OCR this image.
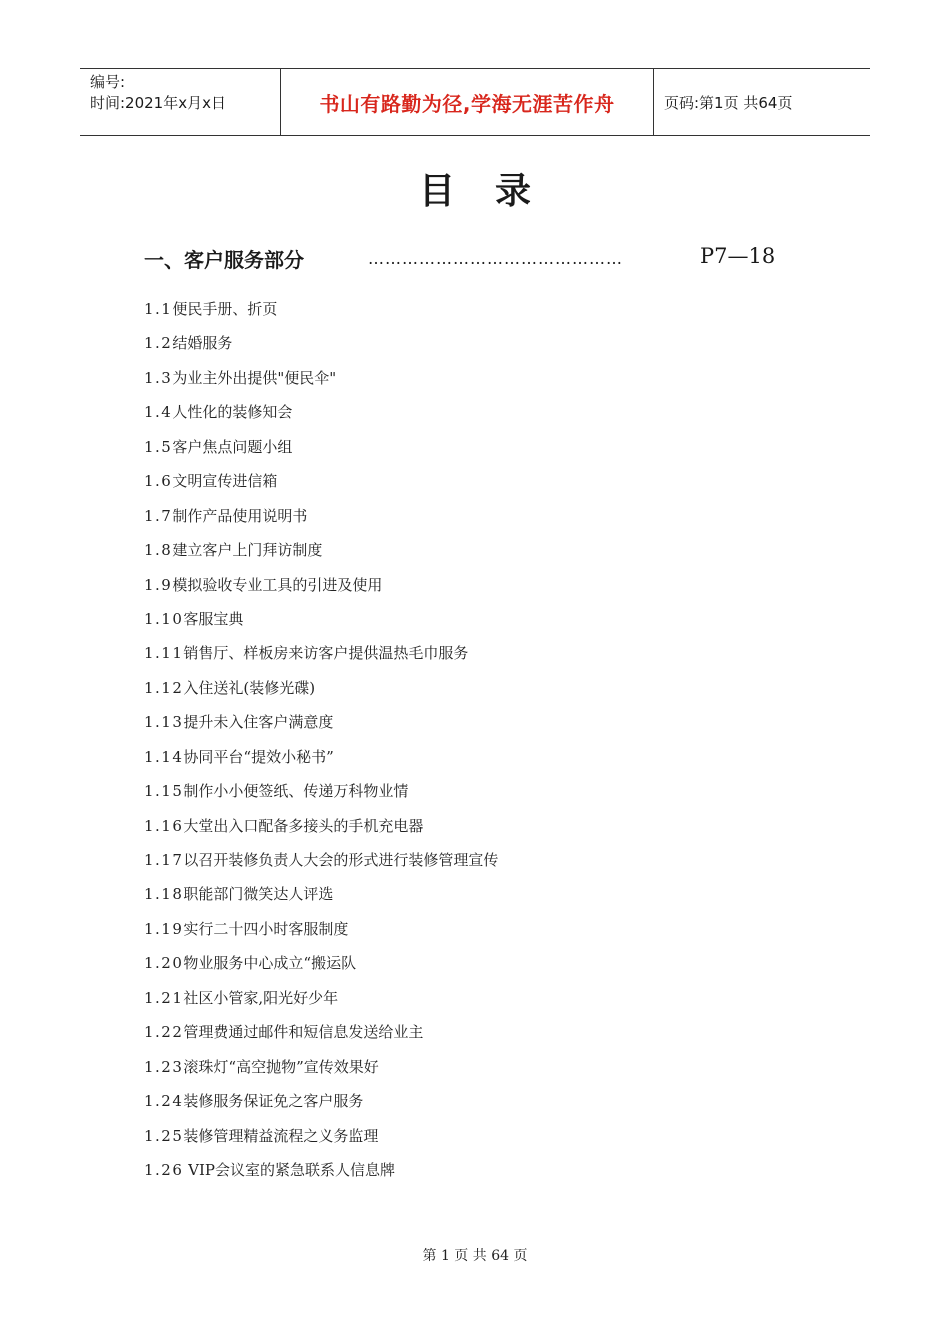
编号:
时间:2021年x月x日	书山有路勤为径,学海无涯苦作舟	页码:第1页 共64页
目录
一、客户服务部分	………………………………………	P7—18
1.1便民手册、折页
1.2结婚服务
1.3为业主外出提供"便民伞"
1.4人性化的装修知会
1.5客户焦点问题小组
1.6文明宣传进信箱
1.7制作产品使用说明书
1.8建立客户上门拜访制度
1.9模拟验收专业工具的引进及使用
1.10客服宝典
1.11销售厅、样板房来访客户提供温热毛巾服务
1.12入住送礼(装修光碟)
1.13提升未入住客户满意度
1.14协同平台“提效小秘书”
1.15制作小小便签纸、传递万科物业情
1.16大堂出入口配备多接头的手机充电器
1.17以召开装修负责人大会的形式进行装修管理宣传
1.18职能部门微笑达人评选
1.19实行二十四小时客服制度
1.20物业服务中心成立“搬运队
1.21社区小管家,阳光好少年
1.22管理费通过邮件和短信息发送给业主
1.23滚珠灯“高空抛物”宣传效果好
1.24装修服务保证免之客户服务
1.25装修管理精益流程之义务监理
1.26 VIP会议室的紧急联系人信息牌
第 1 页 共 64 页
